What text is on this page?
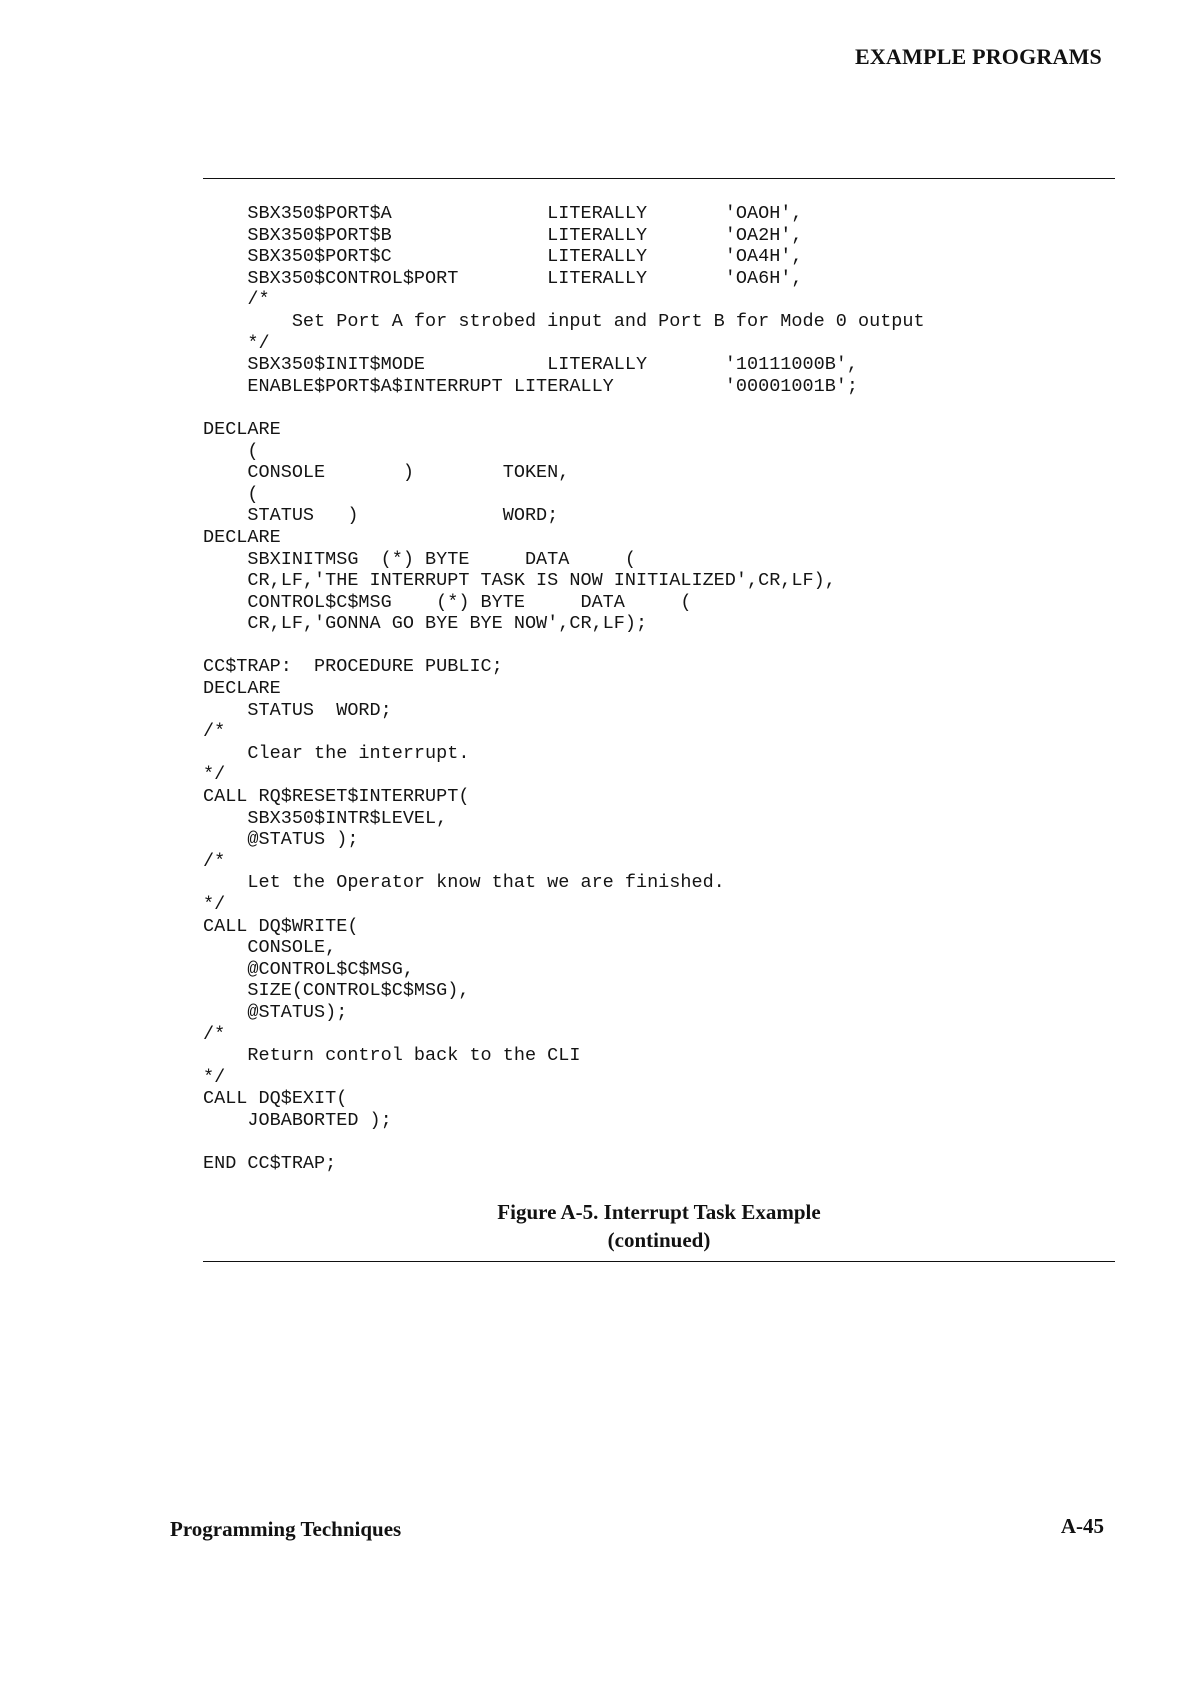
EXAMPLE PROGRAMS
SBX350$PORT$A              LITERALLY       'OAOH',
SBX350$PORT$B              LITERALLY       'OA2H',
SBX350$PORT$C              LITERALLY       'OA4H',
SBX350$CONTROL$PORT        LITERALLY       'OA6H',
/*
Set Port A for strobed input and Port B for Mode 0 output
*/
SBX350$INIT$MODE           LITERALLY       '10111000B',
ENABLE$PORT$A$INTERRUPT LITERALLY          '00001001B';
DECLARE
(
CONSOLE       )        TOKEN,
(
STATUS   )             WORD;
DECLARE
SBXINITMSG  (*) BYTE     DATA     (
CR,LF,'THE INTERRUPT TASK IS NOW INITIALIZED',CR,LF),
CONTROL$C$MSG    (*) BYTE     DATA     (
CR,LF,'GONNA GO BYE BYE NOW',CR,LF);
CC$TRAP:  PROCEDURE PUBLIC;
DECLARE
STATUS  WORD;
/*
Clear the interrupt.
*/
CALL RQ$RESET$INTERRUPT(
SBX350$INTR$LEVEL,
@STATUS );
/*
Let the Operator know that we are finished.
*/
CALL DQ$WRITE(
CONSOLE,
@CONTROL$C$MSG,
SIZE(CONTROL$C$MSG),
@STATUS);
/*
Return control back to the CLI
*/
CALL DQ$EXIT(
JOBABORTED );
END CC$TRAP;
Figure A-5. Interrupt Task Example
(continued)
Programming Techniques	A-45
